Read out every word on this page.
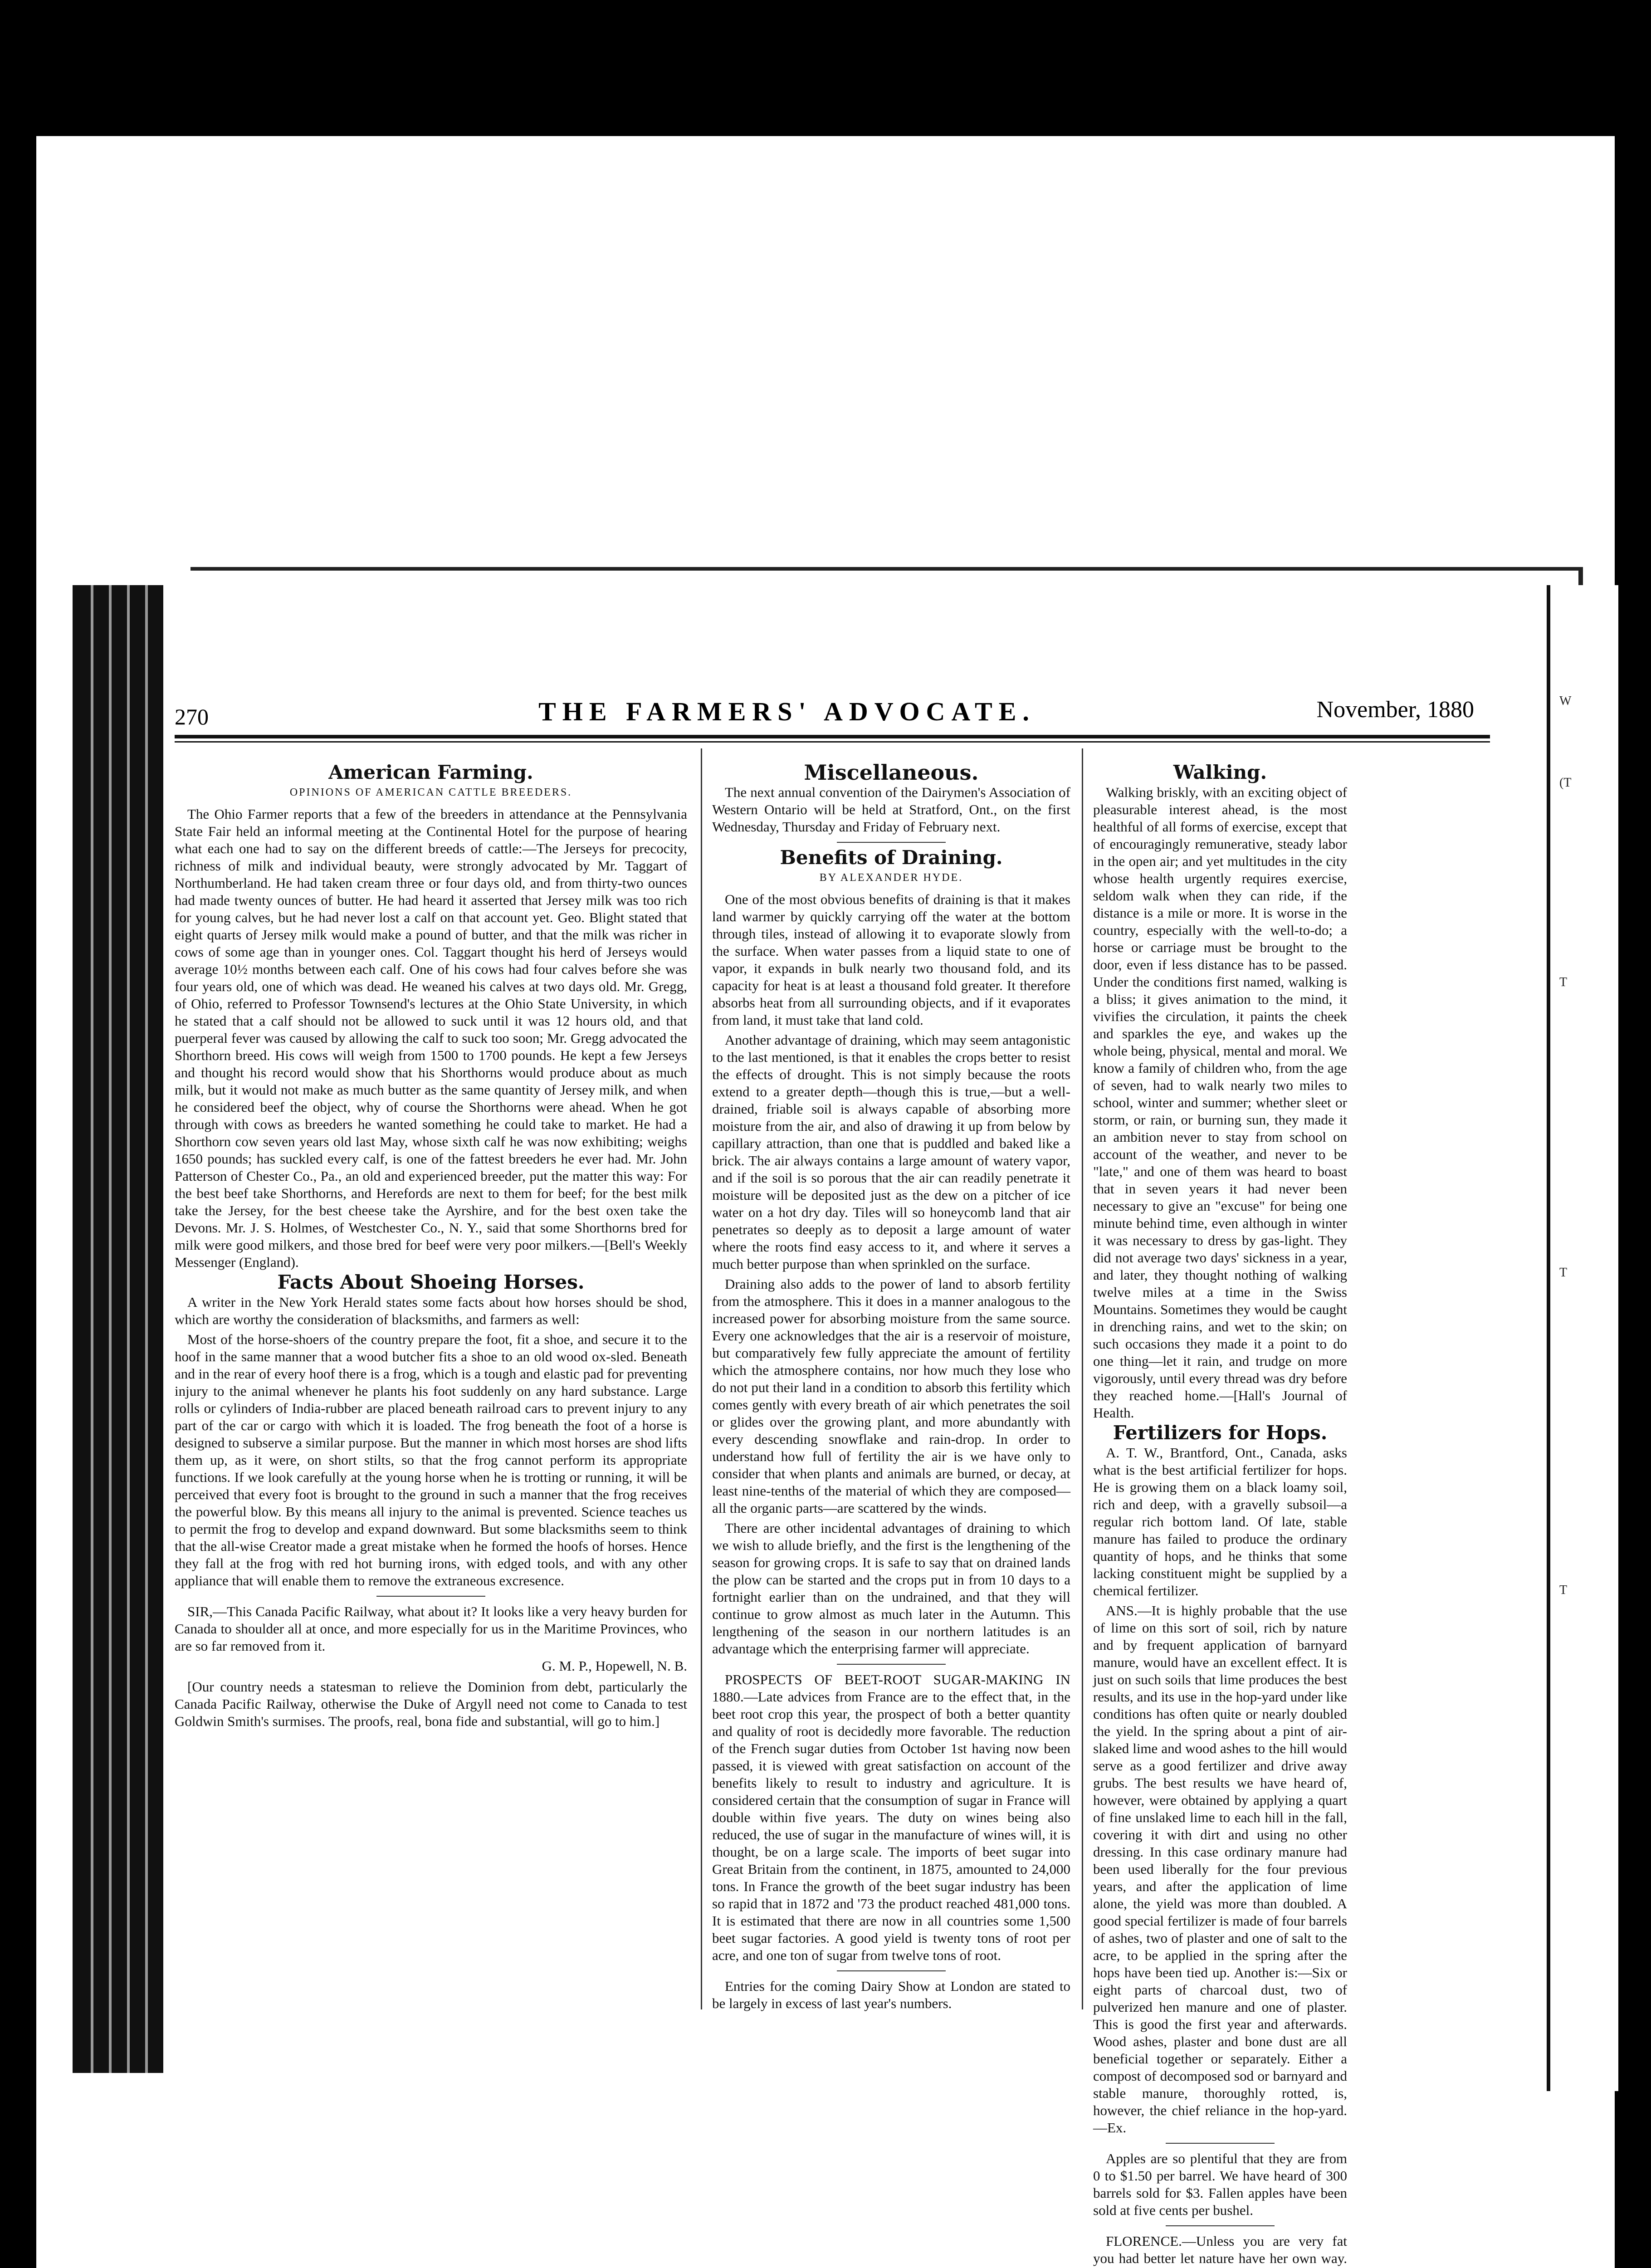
W
(T
T
T
T
270	THE FARMERS' ADVOCATE.	November, 1880
American Farming.
OPINIONS OF AMERICAN CATTLE BREEDERS.

The Ohio Farmer reports that a few of the breeders in attendance at the Pennsylvania State Fair held an informal meeting at the Continental Hotel for the purpose of hearing what each one had to say on the different breeds of cattle:—The Jerseys for precocity, richness of milk and individual beauty, were strongly advocated by Mr. Taggart of Northumberland. He had taken cream three or four days old, and from thirty-two ounces had made twenty ounces of butter. He had heard it asserted that Jersey milk was too rich for young calves, but he had never lost a calf on that account yet. Geo. Blight stated that eight quarts of Jersey milk would make a pound of butter, and that the milk was richer in cows of some age than in younger ones. Col. Taggart thought his herd of Jerseys would average 10½ months between each calf. One of his cows had four calves before she was four years old, one of which was dead. He weaned his calves at two days old. Mr. Gregg, of Ohio, referred to Professor Townsend's lectures at the Ohio State University, in which he stated that a calf should not be allowed to suck until it was 12 hours old, and that puerperal fever was caused by allowing the calf to suck too soon; Mr. Gregg advocated the Shorthorn breed. His cows will weigh from 1500 to 1700 pounds. He kept a few Jerseys and thought his record would show that his Shorthorns would produce about as much milk, but it would not make as much butter as the same quantity of Jersey milk, and when he considered beef the object, why of course the Shorthorns were ahead. When he got through with cows as breeders he wanted something he could take to market. He had a Shorthorn cow seven years old last May, whose sixth calf he was now exhibiting; weighs 1650 pounds; has suckled every calf, is one of the fattest breeders he ever had. Mr. John Patterson of Chester Co., Pa., an old and experienced breeder, put the matter this way: For the best beef take Shorthorns, and Herefords are next to them for beef; for the best milk take the Jersey, for the best cheese take the Ayrshire, and for the best oxen take the Devons. Mr. J. S. Holmes, of Westchester Co., N. Y., said that some Shorthorns bred for milk were good milkers, and those bred for beef were very poor milkers.—[Bell's Weekly Messenger (England).

Facts About Shoeing Horses.

A writer in the New York Herald states some facts about how horses should be shod, which are worthy the consideration of blacksmiths, and farmers as well:

Most of the horse-shoers of the country prepare the foot, fit a shoe, and secure it to the hoof in the same manner that a wood butcher fits a shoe to an old wood ox-sled. Beneath and in the rear of every hoof there is a frog, which is a tough and elastic pad for preventing injury to the animal whenever he plants his foot suddenly on any hard substance. Large rolls or cylinders of India-rubber are placed beneath railroad cars to prevent injury to any part of the car or cargo with which it is loaded. The frog beneath the foot of a horse is designed to subserve a similar purpose. But the manner in which most horses are shod lifts them up, as it were, on short stilts, so that the frog cannot perform its appropriate functions. If we look carefully at the young horse when he is trotting or running, it will be perceived that every foot is brought to the ground in such a manner that the frog receives the powerful blow. By this means all injury to the animal is prevented. Science teaches us to permit the frog to develop and expand downward. But some blacksmiths seem to think that the all-wise Creator made a great mistake when he formed the hoofs of horses. Hence they fall at the frog with red hot burning irons, with edged tools, and with any other appliance that will enable them to remove the extraneous excresence.

SIR,—This Canada Pacific Railway, what about it? It looks like a very heavy burden for Canada to shoulder all at once, and more especially for us in the Maritime Provinces, who are so far removed from it.

G. M. P., Hopewell, N. B.

[Our country needs a statesman to relieve the Dominion from debt, particularly the Canada Pacific Railway, otherwise the Duke of Argyll need not come to Canada to test Goldwin Smith's surmises. The proofs, real, bona fide and substantial, will go to him.]

Miscellaneous.

The next annual convention of the Dairymen's Association of Western Ontario will be held at Stratford, Ont., on the first Wednesday, Thursday and Friday of February next.

Benefits of Draining.
BY ALEXANDER HYDE.

One of the most obvious benefits of draining is that it makes land warmer by quickly carrying off the water at the bottom through tiles, instead of allowing it to evaporate slowly from the surface. When water passes from a liquid state to one of vapor, it expands in bulk nearly two thousand fold, and its capacity for heat is at least a thousand fold greater. It therefore absorbs heat from all surrounding objects, and if it evaporates from land, it must take that land cold.

Another advantage of draining, which may seem antagonistic to the last mentioned, is that it enables the crops better to resist the effects of drought. This is not simply because the roots extend to a greater depth—though this is true,—but a well-drained, friable soil is always capable of absorbing more moisture from the air, and also of drawing it up from below by capillary attraction, than one that is puddled and baked like a brick. The air always contains a large amount of watery vapor, and if the soil is so porous that the air can readily penetrate it moisture will be deposited just as the dew on a pitcher of ice water on a hot dry day. Tiles will so honeycomb land that air penetrates so deeply as to deposit a large amount of water where the roots find easy access to it, and where it serves a much better purpose than when sprinkled on the surface.

Draining also adds to the power of land to absorb fertility from the atmosphere. This it does in a manner analogous to the increased power for absorbing moisture from the same source. Every one acknowledges that the air is a reservoir of moisture, but comparatively few fully appreciate the amount of fertility which the atmosphere contains, nor how much they lose who do not put their land in a condition to absorb this fertility which comes gently with every breath of air which penetrates the soil or glides over the growing plant, and more abundantly with every descending snowflake and rain-drop. In order to understand how full of fertility the air is we have only to consider that when plants and animals are burned, or decay, at least nine-tenths of the material of which they are composed—all the organic parts—are scattered by the winds.

There are other incidental advantages of draining to which we wish to allude briefly, and the first is the lengthening of the season for growing crops. It is safe to say that on drained lands the plow can be started and the crops put in from 10 days to a fortnight earlier than on the undrained, and that they will continue to grow almost as much later in the Autumn. This lengthening of the season in our northern latitudes is an advantage which the enterprising farmer will appreciate.

PROSPECTS OF BEET-ROOT SUGAR-MAKING IN 1880.—Late advices from France are to the effect that, in the beet root crop this year, the prospect of both a better quantity and quality of root is decidedly more favorable. The reduction of the French sugar duties from October 1st having now been passed, it is viewed with great satisfaction on account of the benefits likely to result to industry and agriculture. It is considered certain that the consumption of sugar in France will double within five years. The duty on wines being also reduced, the use of sugar in the manufacture of wines will, it is thought, be on a large scale. The imports of beet sugar into Great Britain from the continent, in 1875, amounted to 24,000 tons. In France the growth of the beet sugar industry has been so rapid that in 1872 and '73 the product reached 481,000 tons. It is estimated that there are now in all countries some 1,500 beet sugar factories. A good yield is twenty tons of root per acre, and one ton of sugar from twelve tons of root.

Entries for the coming Dairy Show at London are stated to be largely in excess of last year's numbers.

Walking.

Walking briskly, with an exciting object of pleasurable interest ahead, is the most healthful of all forms of exercise, except that of encouragingly remunerative, steady labor in the open air; and yet multitudes in the city whose health urgently requires exercise, seldom walk when they can ride, if the distance is a mile or more. It is worse in the country, especially with the well-to-do; a horse or carriage must be brought to the door, even if less distance has to be passed. Under the conditions first named, walking is a bliss; it gives animation to the mind, it vivifies the circulation, it paints the cheek and sparkles the eye, and wakes up the whole being, physical, mental and moral. We know a family of children who, from the age of seven, had to walk nearly two miles to school, winter and summer; whether sleet or storm, or rain, or burning sun, they made it an ambition never to stay from school on account of the weather, and never to be "late," and one of them was heard to boast that in seven years it had never been necessary to give an "excuse" for being one minute behind time, even although in winter it was necessary to dress by gas-light. They did not average two days' sickness in a year, and later, they thought nothing of walking twelve miles at a time in the Swiss Mountains. Sometimes they would be caught in drenching rains, and wet to the skin; on such occasions they made it a point to do one thing—let it rain, and trudge on more vigorously, until every thread was dry before they reached home.—[Hall's Journal of Health.

Fertilizers for Hops.

A. T. W., Brantford, Ont., Canada, asks what is the best artificial fertilizer for hops. He is growing them on a black loamy soil, rich and deep, with a gravelly subsoil—a regular rich bottom land. Of late, stable manure has failed to produce the ordinary quantity of hops, and he thinks that some lacking constituent might be supplied by a chemical fertilizer.

ANS.—It is highly probable that the use of lime on this sort of soil, rich by nature and by frequent application of barnyard manure, would have an excellent effect. It is just on such soils that lime produces the best results, and its use in the hop-yard under like conditions has often quite or nearly doubled the yield. In the spring about a pint of air-slaked lime and wood ashes to the hill would serve as a good fertilizer and drive away grubs. The best results we have heard of, however, were obtained by applying a quart of fine unslaked lime to each hill in the fall, covering it with dirt and using no other dressing. In this case ordinary manure had been used liberally for the four previous years, and after the application of lime alone, the yield was more than doubled. A good special fertilizer is made of four barrels of ashes, two of plaster and one of salt to the acre, to be applied in the spring after the hops have been tied up. Another is:—Six or eight parts of charcoal dust, two of pulverized hen manure and one of plaster. This is good the first year and afterwards. Wood ashes, plaster and bone dust are all beneficial together or separately. Either a compost of decomposed sod or barnyard and stable manure, thoroughly rotted, is, however, the chief reliance in the hop-yard.—Ex.

Apples are so plentiful that they are from 0 to $1.50 per barrel. We have heard of 300 barrels sold for $3. Fallen apples have been sold at five cents per bushel.

FLORENCE.—Unless you are very fat you had better let nature have her own way.
